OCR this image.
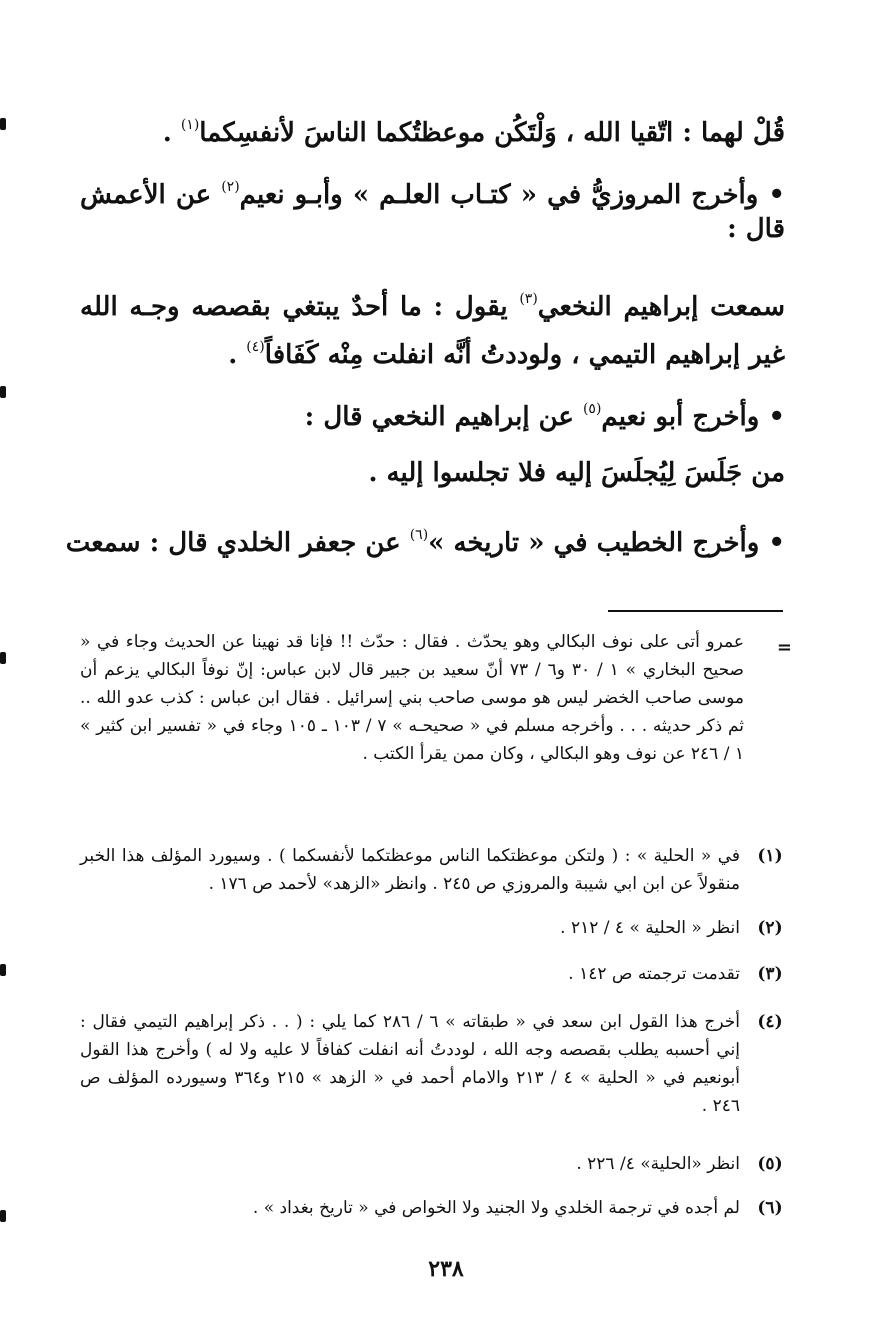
قُلْ لهما : اتّقيا الله ، وَلْتَكُن موعظتُكما الناسَ لأنفسِكما$^{(١)}$ .
• وأخرج المروزيُّ في « كتـاب العلـم » وأبـو نعيم$^{(٢)}$ عن الأعمش
قال :
سمعت إبراهيم النخعي$^{(٣)}$ يقول : ما أحدٌ يبتغي بقصصه وجـه الله
غير إبراهيم التيمي ، ولوددتُ أنَّه انفلت مِنْه كَفَافاً$^{(٤)}$ .
• وأخرج أبو نعيم$^{(٥)}$ عن إبراهيم النخعي قال :
من جَلَسَ لِيُجلَسَ إليه فلا تجلسوا إليه .
• وأخرج الخطيب في « تاريخه »$^{(٦)}$ عن جعفر الخلدي قال : سمعت
=
عمرو أتى على نوف البكالي وهو يحدّث . فقال : حدّث !! فإنا قد نهينا عن الحديث وجاء في « صحيح البخاري » ١ / ٣٠ و٦ / ٧٣ أنّ سعيد بن جبير قال لابن عباس: إنّ نوفاً البكالي يزعم أن موسى صاحب الخضر ليس هو موسى صاحب بني إسرائيل . فقال ابن عباس : كذب عدو الله .. ثم ذكر حديثه . . . وأخرجه مسلم في « صحيحـه » ٧ / ١٠٣ ـ ١٠٥ وجاء في « تفسير ابن كثير » ١ / ٢٤٦ عن نوف وهو البكالي ، وكان ممن يقرأ الكتب .
(١)
في « الحلية » : ( ولتكن موعظتكما الناس موعظتكما لأنفسكما ) . وسيورد المؤلف هذا الخبر منقولاً عن ابن ابي شيبة والمروزي ص ٢٤٥ . وانظر «الزهد» لأحمد ص ١٧٦ .
(٢)
انظر « الحلية » ٤ / ٢١٢ .
(٣)
تقدمت ترجمته ص ١٤٢ .
(٤)
أخرج هذا القول ابن سعد في « طبقاته » ٦ / ٢٨٦ كما يلي : ( . . ذكر إبراهيم التيمي فقال : إني أحسبه يطلب بقصصه وجه الله ، لوددتُ أنه انفلت كفافاً لا عليه ولا له ) وأخرج هذا القول أبونعيم في « الحلية » ٤ / ٢١٣ والامام أحمد في « الزهد » ٢١٥ و٣٦٤ وسيورده المؤلف ص ٢٤٦ .
(٥)
انظر «الحلية» ٤/ ٢٢٦ .
(٦)
لم أجده في ترجمة الخلدي ولا الجنيد ولا الخواص في « تاريخ بغداد » .
٢٣٨
